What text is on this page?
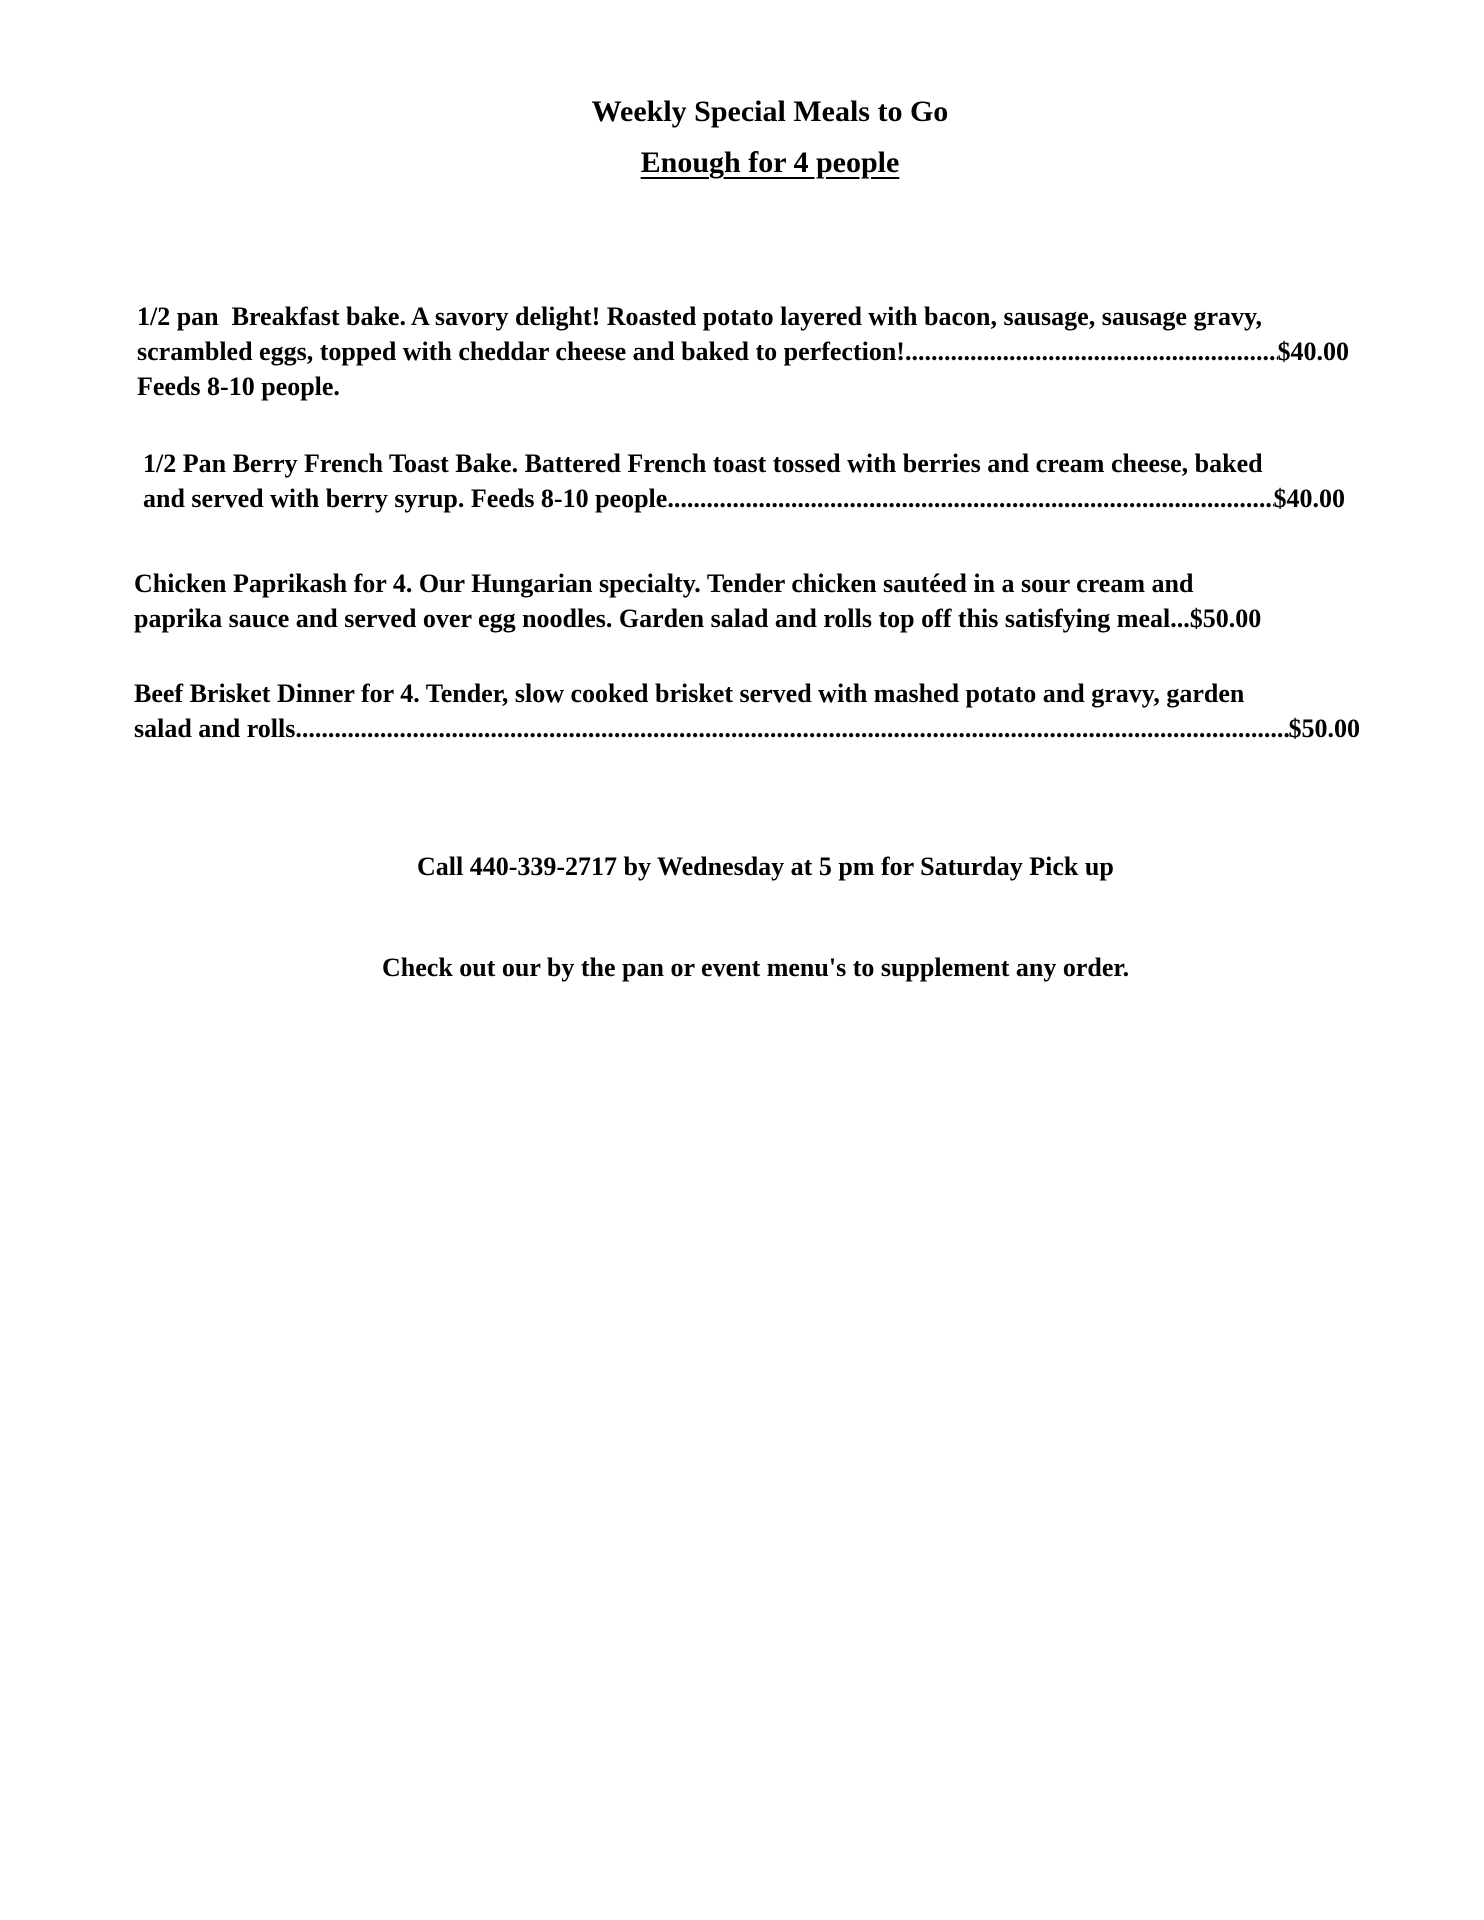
Weekly Special Meals to Go
Enough for 4 people
1/2 pan  Breakfast bake. A savory delight! Roasted potato layered with bacon, sausage, sausage gravy,
scrambled eggs, topped with cheddar cheese and baked to perfection! .....	$40.00
Feeds 8-10 people.
1/2 Pan Berry French Toast Bake. Battered French toast tossed with berries and cream cheese, baked
and served with berry syrup. Feeds 8-10 people. .....	$40.00
Chicken Paprikash for 4. Our Hungarian specialty. Tender chicken sautéed in a sour cream and
paprika sauce and served over egg noodles. Garden salad and rolls top off this satisfying meal... $50.00
Beef Brisket Dinner for 4. Tender, slow cooked brisket served with mashed potato and gravy, garden
salad and rolls .....	$50.00
Call 440-339-2717 by Wednesday at 5 pm for Saturday Pick up
Check out our by the pan or event menu's to supplement any order.
